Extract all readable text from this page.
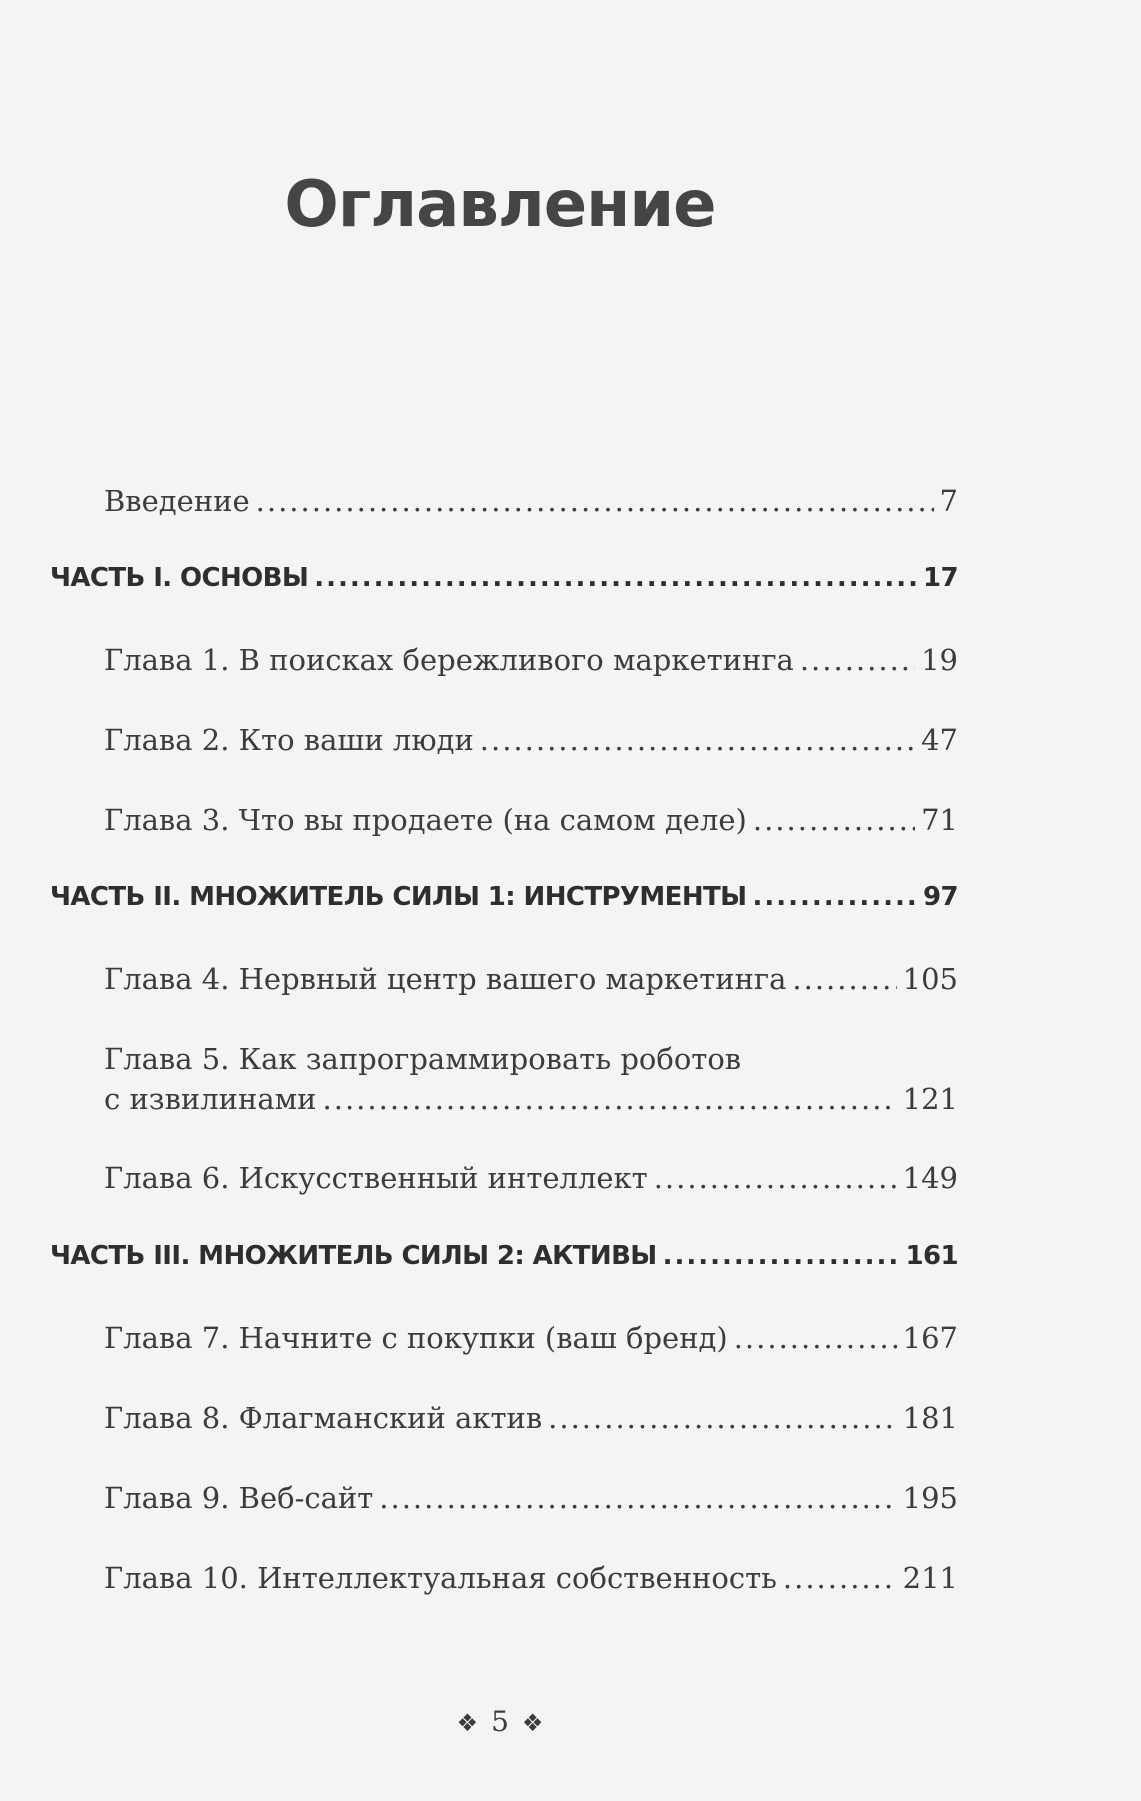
Оглавление
Введение .....	7
ЧАСТЬ I. ОСНОВЫ .....	17
Глава 1. В поисках бережливого маркетинга .....	19
Глава 2. Кто ваши люди .....	47
Глава 3. Что вы продаете (на самом деле) .....	71
ЧАСТЬ II. МНОЖИТЕЛЬ СИЛЫ 1: ИНСТРУМЕНТЫ .....	97
Глава 4. Нервный центр вашего маркетинга .....	105
Глава 5. Как запрограммировать роботов
с извилинами .....	121
Глава 6. Искусственный интеллект .....	149
ЧАСТЬ III. МНОЖИТЕЛЬ СИЛЫ 2: АКТИВЫ .....	161
Глава 7. Начните с покупки (ваш бренд) .....	167
Глава 8. Флагманский актив .....	181
Глава 9. Веб-сайт .....	195
Глава 10. Интеллектуальная собственность .....	211
❖ 5 ❖
